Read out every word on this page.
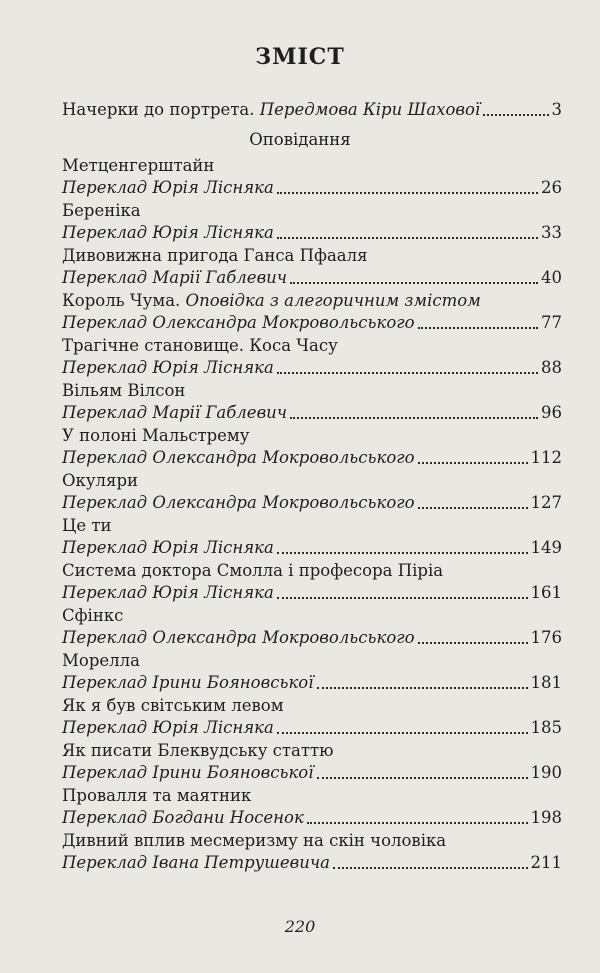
ЗМІСТ
Начерки до портрета. Передмова Кіри Шахової	3
Оповідання
Метценгерштайн
Переклад Юрія Лісняка	26
Береніка
Переклад Юрія Лісняка	33
Дивовижна пригода Ганса Пфааля
Переклад Марії Габлевич	40
Король Чума. Оповідка з алегоричним змістом
Переклад Олександра Мокровольського	77
Трагічне становище. Коса Часу
Переклад Юрія Лісняка	88
Вільям Вілсон
Переклад Марії Габлевич	96
У полоні Мальстрему
Переклад Олександра Мокровольського	112
Окуляри
Переклад Олександра Мокровольського	127
Це ти
Переклад Юрія Лісняка	149
Система доктора Смолла і професора Піріа
Переклад Юрія Лісняка	161
Сфінкс
Переклад Олександра Мокровольського	176
Морелла
Переклад Ірини Бояновської	181
Як я був світським левом
Переклад Юрія Лісняка	185
Як писати Блеквудську статтю
Переклад Ірини Бояновської	190
Провалля та маятник
Переклад Богдани Носенок	198
Дивний вплив месмеризму на скін чоловіка
Переклад Івана Петрушевича	211
220
